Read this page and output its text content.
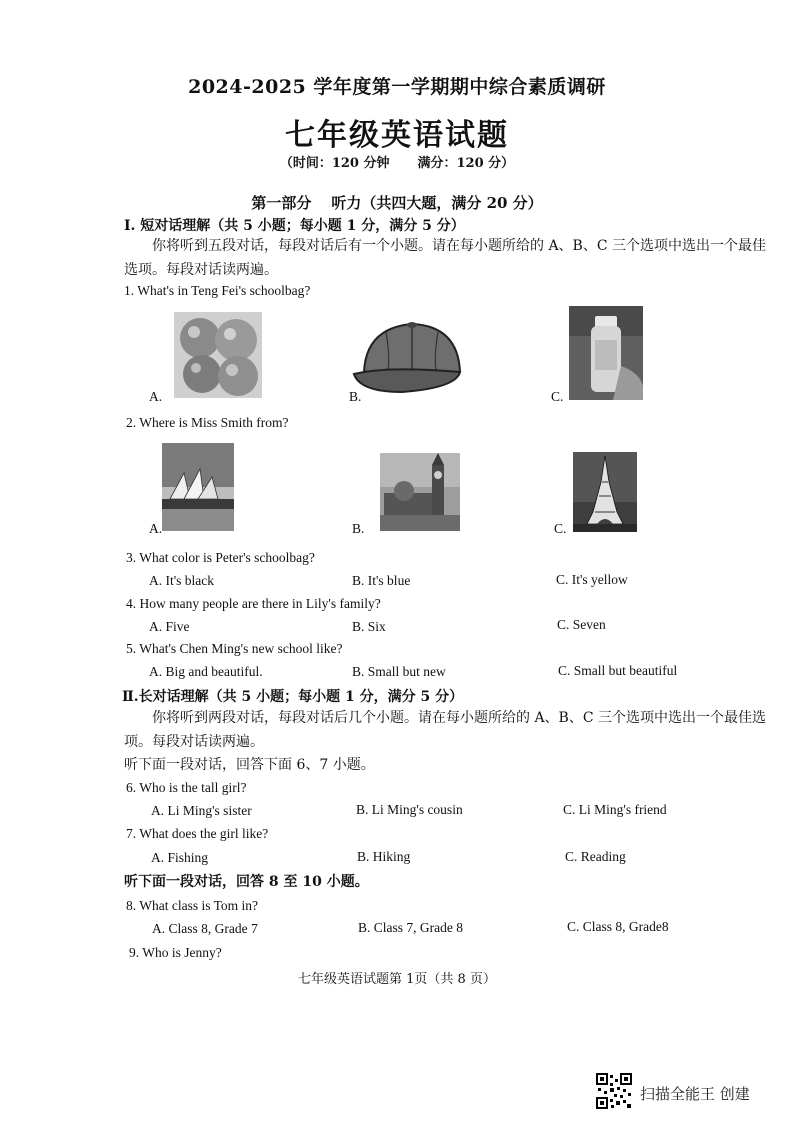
2024-2025 学年度第一学期期中综合素质调研
七年级英语试题
（时间：120 分钟 满分：120 分）
第一部分 听力（共四大题，满分 20 分）
I. 短对话理解（共 5 小题；每小题 1 分，满分 5 分）
你将听到五段对话，每段对话后有一个小题。请在每小题所给的 A、B、C 三个选项中选出一个最佳选项。每段对话读两遍。
1. What's in Teng Fei's schoolbag?
A.	B.	C.
2. Where is Miss Smith from?
A.	B.	C.
3. What color is Peter's schoolbag?
A. It's black	B. It's blue	C. It's yellow
4. How many people are there in Lily's family?
A. Five	B. Six	C. Seven
5. What's Chen Ming's new school like?
A. Big and beautiful.	B. Small but new	C. Small but beautiful
Ⅱ.长对话理解（共 5 小题；每小题 1 分，满分 5 分）
你将听到两段对话，每段对话后几个小题。请在每小题所给的 A、B、C 三个选项中选出一个最佳选项。每段对话读两遍。
听下面一段对话，回答下面 6、7 小题。
6. Who is the tall girl?
A. Li Ming's sister	B. Li Ming's cousin	C. Li Ming's friend
7. What does the girl like?
A. Fishing	B. Hiking	C. Reading
听下面一段对话，回答 8 至 10 小题。
8. What class is Tom in?
A. Class 8, Grade 7	B. Class 7, Grade 8	C. Class 8, Grade8
9. Who is Jenny?
七年级英语试题第 1页（共 8 页）
扫描全能王 创建
